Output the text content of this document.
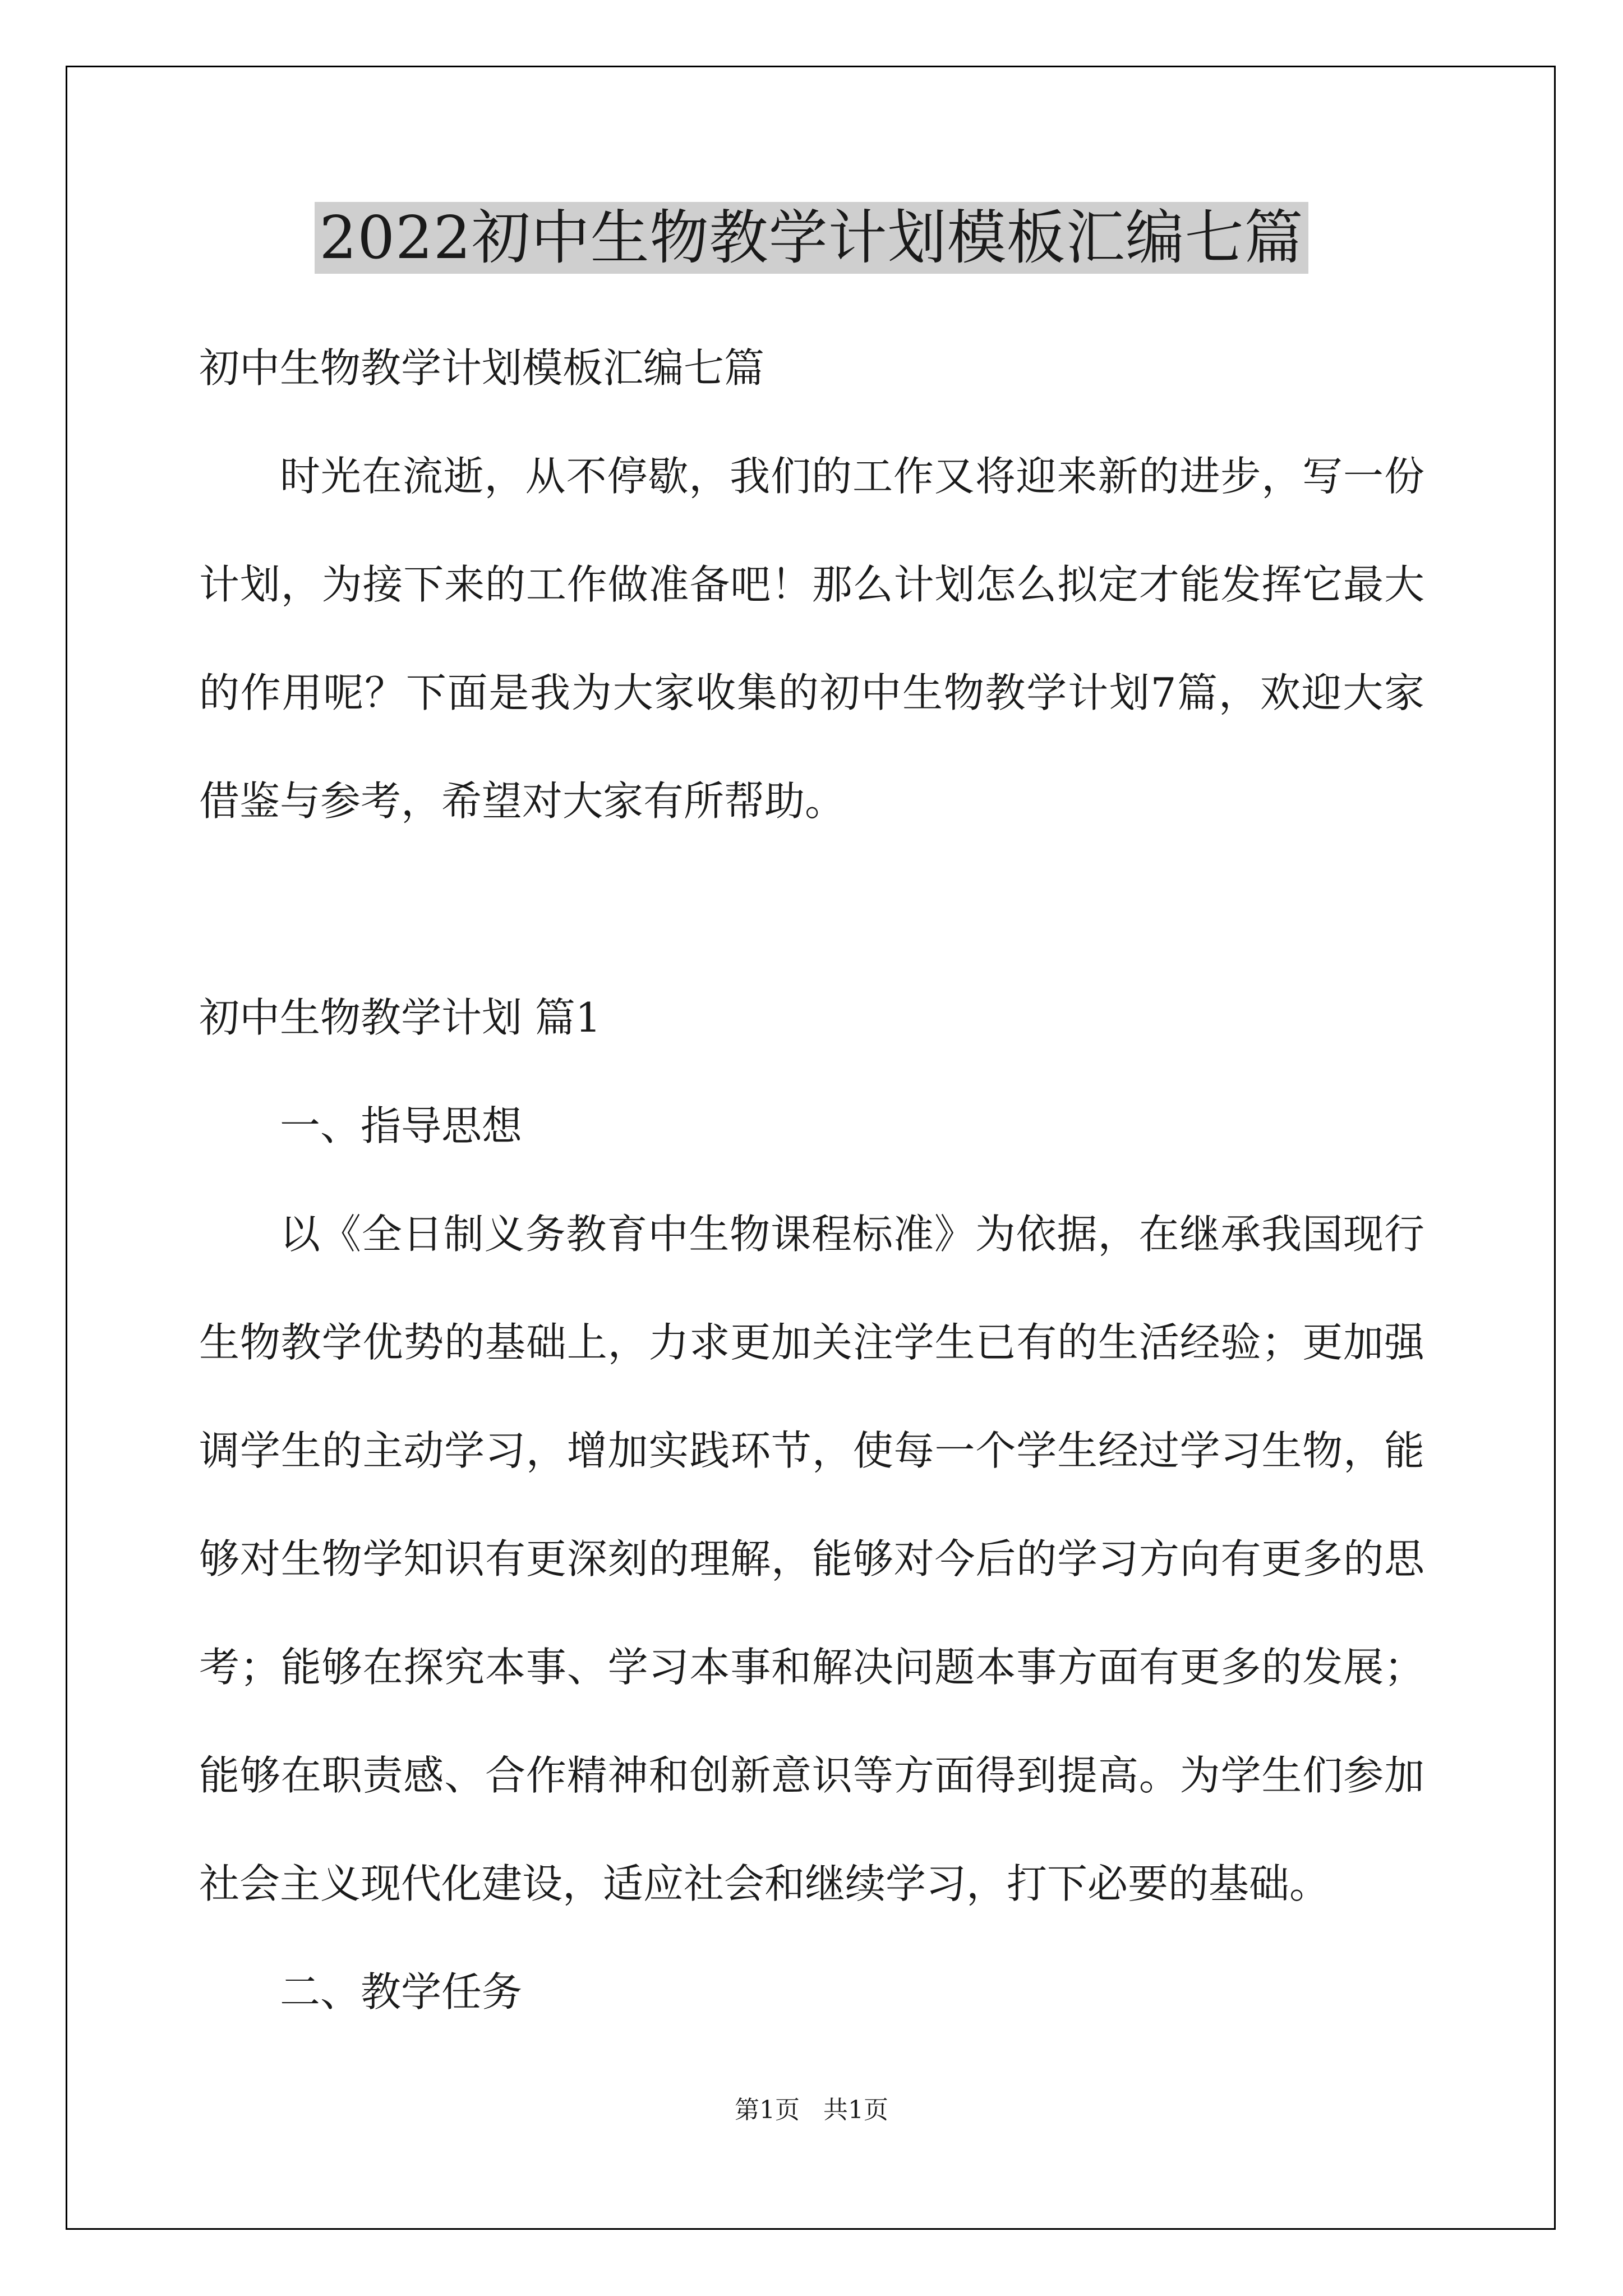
2022初中生物教学计划模板汇编七篇
初中生物教学计划模板汇编七篇
时光在流逝，从不停歇，我们的工作又将迎来新的进步，写一份
计划，为接下来的工作做准备吧！那么计划怎么拟定才能发挥它最大
的作用呢？下面是我为大家收集的初中生物教学计划7篇，欢迎大家
借鉴与参考，希望对大家有所帮助。
初中生物教学计划 篇1
一、指导思想
以《全日制义务教育中生物课程标准》为依据，在继承我国现行
生物教学优势的基础上，力求更加关注学生已有的生活经验；更加强
调学生的主动学习，增加实践环节，使每一个学生经过学习生物，能
够对生物学知识有更深刻的理解，能够对今后的学习方向有更多的思
考；能够在探究本事、学习本事和解决问题本事方面有更多的发展；
能够在职责感、合作精神和创新意识等方面得到提高。为学生们参加
社会主义现代化建设，适应社会和继续学习，打下必要的基础。
二、教学任务
第1页   共1页
